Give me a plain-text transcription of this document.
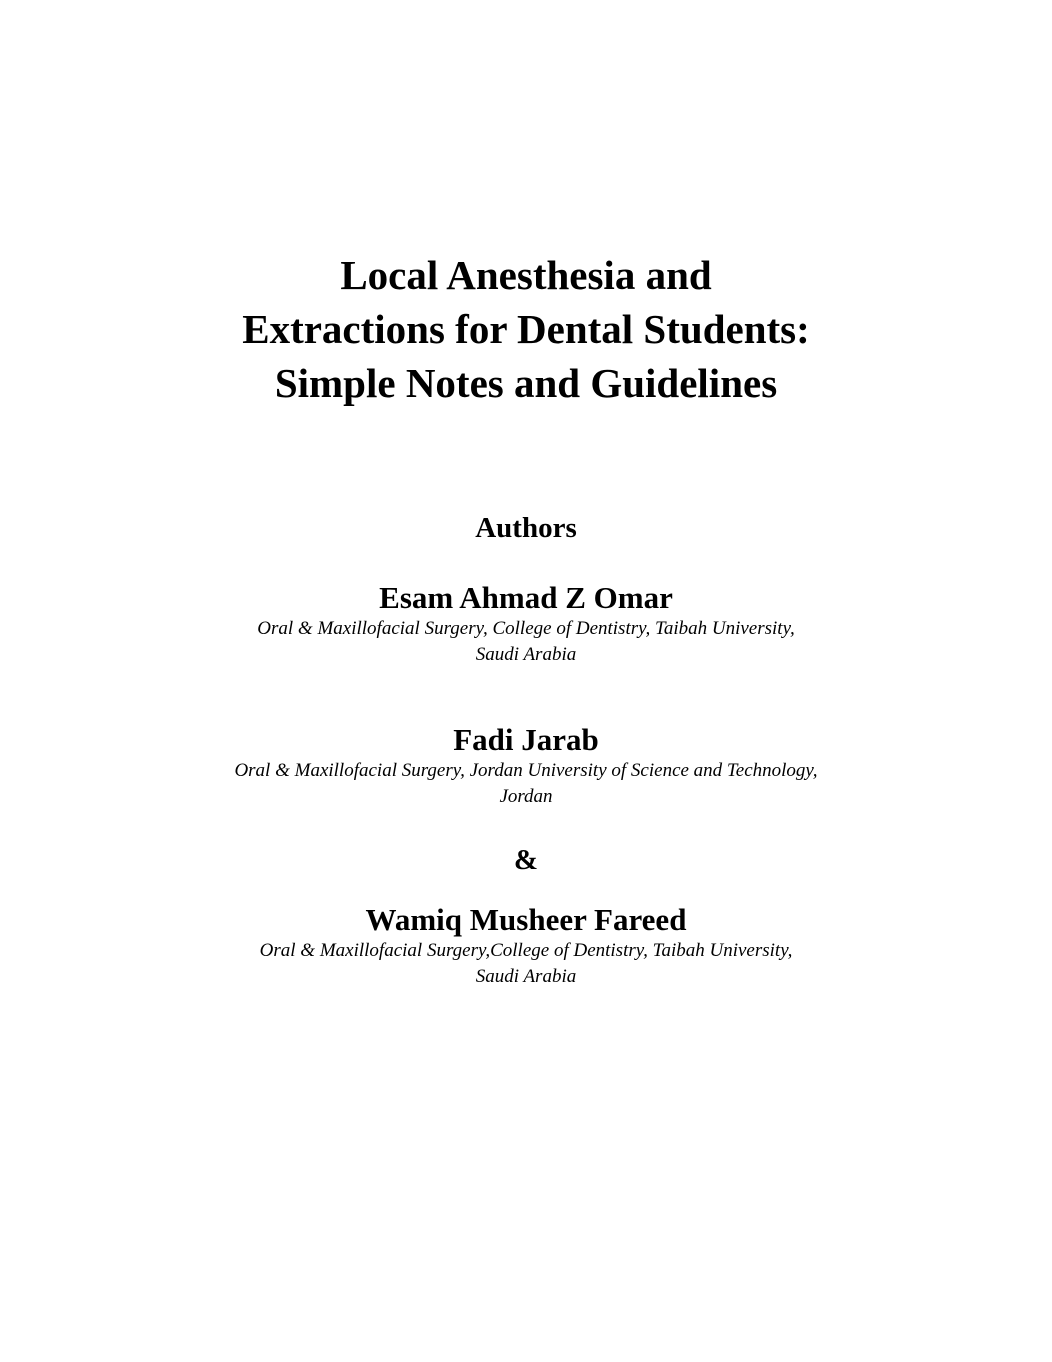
Local Anesthesia and
Extractions for Dental Students:
Simple Notes and Guidelines
Authors

Esam Ahmad Z Omar

Oral & Maxillofacial Surgery, College of Dentistry, Taibah University,
Saudi Arabia

Fadi Jarab

Oral & Maxillofacial Surgery, Jordan University of Science and Technology,
Jordan

&

Wamiq Musheer Fareed

Oral & Maxillofacial Surgery,College of Dentistry, Taibah University,
Saudi Arabia
